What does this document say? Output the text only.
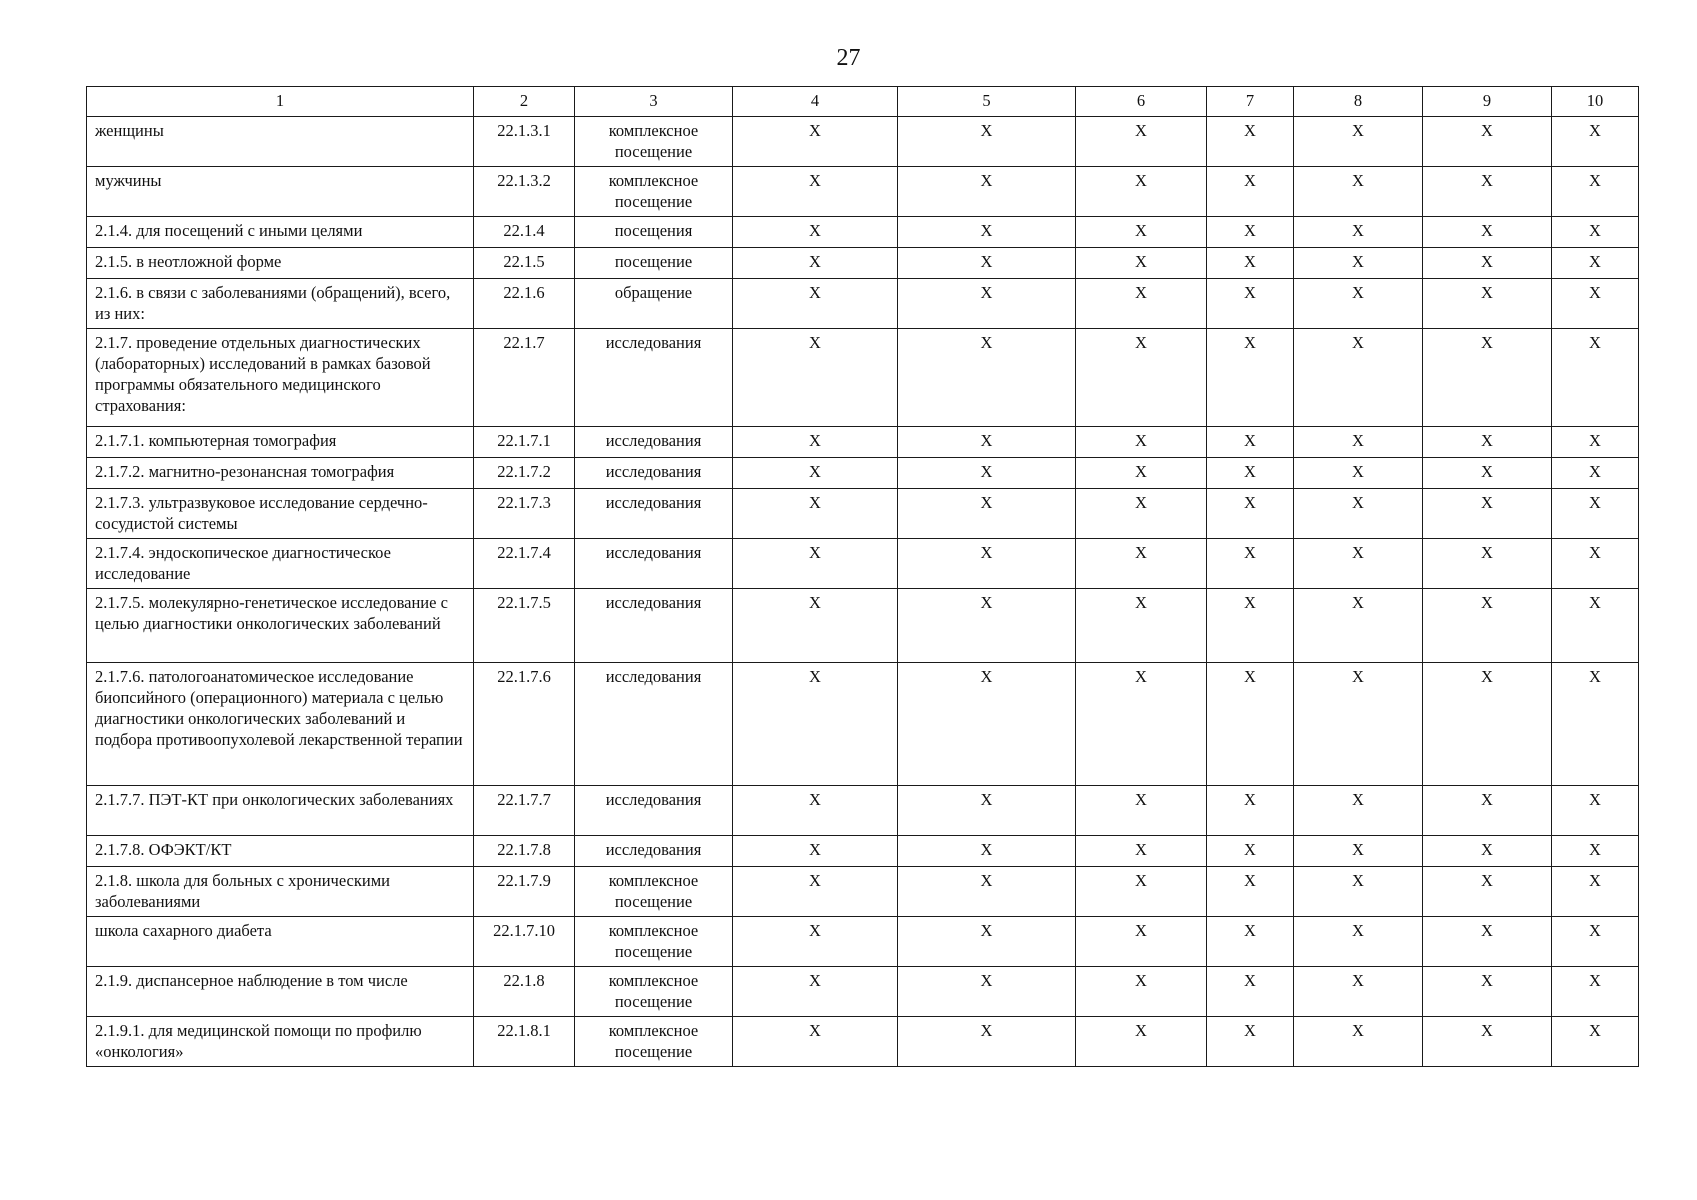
27
1	2	3	4	5	6	7	8	9	10
женщины	22.1.3.1	комплексное посещение	X	X	X	X	X	X	X
мужчины	22.1.3.2	комплексное посещение	X	X	X	X	X	X	X
2.1.4. для посещений с иными целями	22.1.4	посещения	X	X	X	X	X	X	X
2.1.5. в неотложной форме	22.1.5	посещение	X	X	X	X	X	X	X
2.1.6. в связи с заболеваниями (обращений), всего, из них:	22.1.6	обращение	X	X	X	X	X	X	X
2.1.7. проведение отдельных диагностических (лабораторных) исследований в рамках базовой программы обязательного медицинского страхования:	22.1.7	исследования	X	X	X	X	X	X	X
2.1.7.1. компьютерная томография	22.1.7.1	исследования	X	X	X	X	X	X	X
2.1.7.2. магнитно-резонансная томография	22.1.7.2	исследования	X	X	X	X	X	X	X
2.1.7.3. ультразвуковое исследование сердечно-сосудистой системы	22.1.7.3	исследования	X	X	X	X	X	X	X
2.1.7.4. эндоскопическое диагностическое исследование	22.1.7.4	исследования	X	X	X	X	X	X	X
2.1.7.5. молекулярно-генетическое исследование с целью диагностики онкологических заболеваний	22.1.7.5	исследования	X	X	X	X	X	X	X
2.1.7.6. патологоанатомическое исследование биопсийного (операционного) материала с целью диагностики онкологических заболеваний и подбора противоопухолевой лекарственной терапии	22.1.7.6	исследования	X	X	X	X	X	X	X
2.1.7.7. ПЭТ-КТ при онкологических заболеваниях	22.1.7.7	исследования	X	X	X	X	X	X	X
2.1.7.8. ОФЭКТ/КТ	22.1.7.8	исследования	X	X	X	X	X	X	X
2.1.8. школа для больных с хроническими заболеваниями	22.1.7.9	комплексное посещение	X	X	X	X	X	X	X
школа сахарного диабета	22.1.7.10	комплексное посещение	X	X	X	X	X	X	X
2.1.9. диспансерное наблюдение в том числе	22.1.8	комплексное посещение	X	X	X	X	X	X	X
2.1.9.1. для медицинской помощи по профилю «онкология»	22.1.8.1	комплексное посещение	X	X	X	X	X	X	X
